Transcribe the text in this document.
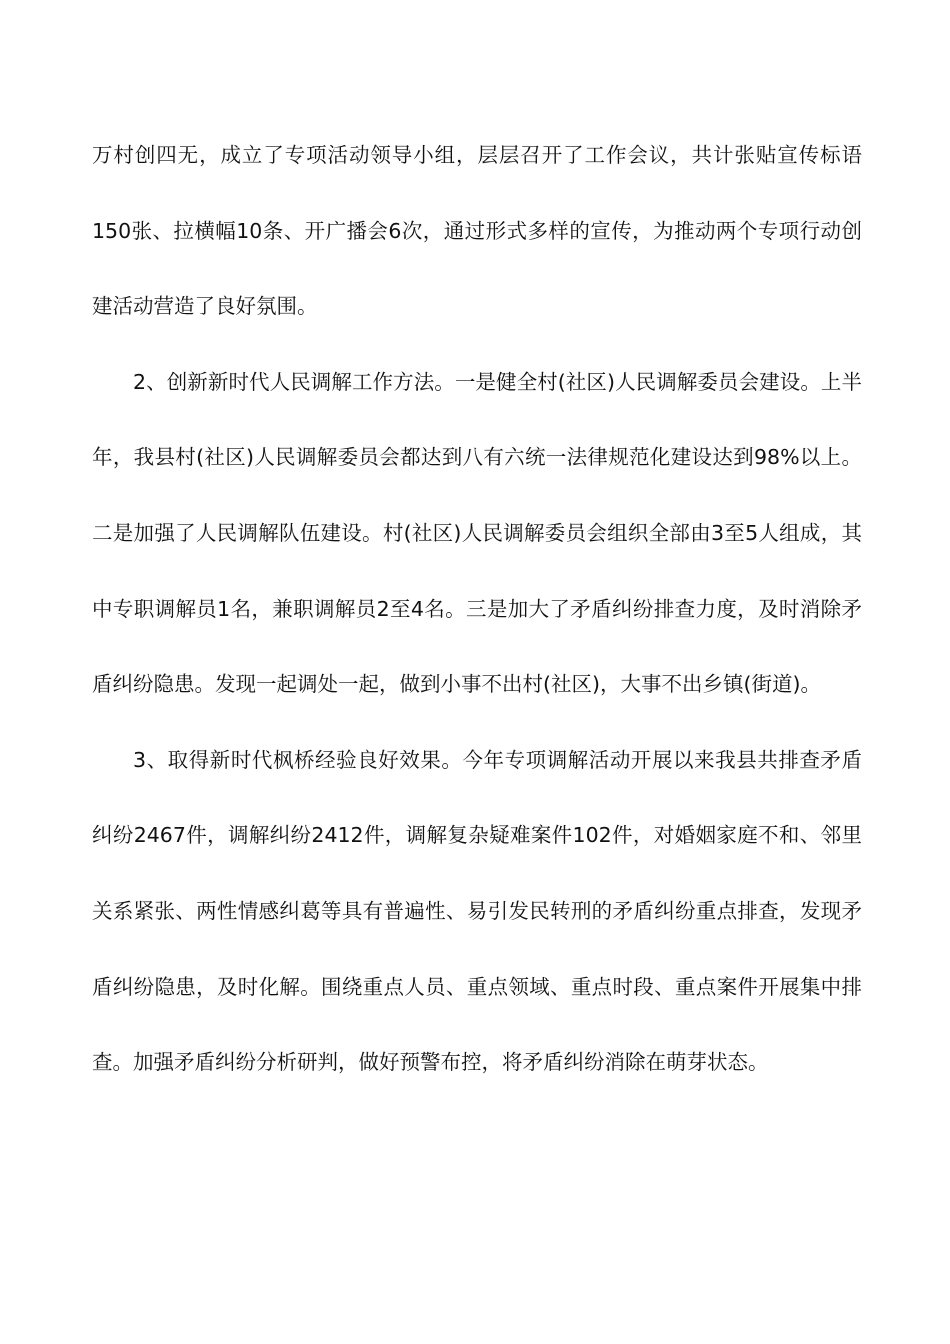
万村创四无，成立了专项活动领导小组，层层召开了工作会议，共计张贴宣传标语150张、拉横幅10条、开广播会6次，通过形式多样的宣传，为推动两个专项行动创建活动营造了良好氛围。

2、创新新时代人民调解工作方法。一是健全村(社区)人民调解委员会建设。上半年，我县村(社区)人民调解委员会都达到八有六统一法律规范化建设达到98%以上。二是加强了人民调解队伍建设。村(社区)人民调解委员会组织全部由3至5人组成，其中专职调解员1名，兼职调解员2至4名。三是加大了矛盾纠纷排查力度，及时消除矛盾纠纷隐患。发现一起调处一起，做到小事不出村(社区)，大事不出乡镇(街道)。

3、取得新时代枫桥经验良好效果。今年专项调解活动开展以来我县共排查矛盾纠纷2467件，调解纠纷2412件，调解复杂疑难案件102件，对婚姻家庭不和、邻里关系紧张、两性情感纠葛等具有普遍性、易引发民转刑的矛盾纠纷重点排查，发现矛盾纠纷隐患，及时化解。围绕重点人员、重点领域、重点时段、重点案件开展集中排查。加强矛盾纠纷分析研判，做好预警布控，将矛盾纠纷消除在萌芽状态。
